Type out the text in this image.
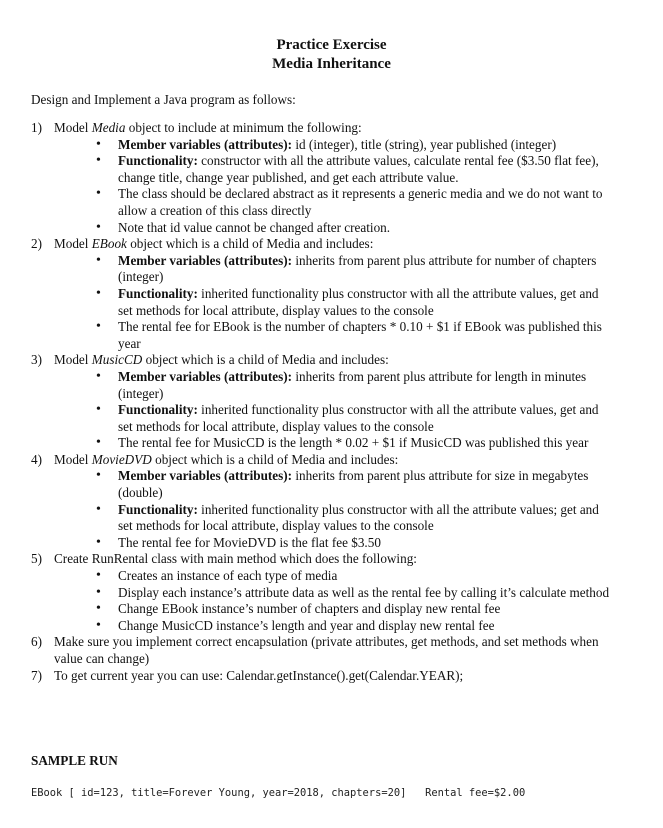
Practice Exercise
Media Inheritance
Design and Implement a Java program as follows:
1) Model Media object to include at minimum the following:
• Member variables (attributes): id (integer), title (string), year published (integer)
• Functionality: constructor with all the attribute values, calculate rental fee ($3.50 flat fee), change title, change year published, and get each attribute value.
• The class should be declared abstract as it represents a generic media and we do not want to allow a creation of this class directly
• Note that id value cannot be changed after creation.
2) Model EBook object which is a child of Media and includes:
• Member variables (attributes): inherits from parent plus attribute for number of chapters (integer)
• Functionality: inherited functionality plus constructor with all the attribute values, get and set methods for local attribute, display values to the console
• The rental fee for EBook is the number of chapters * 0.10 + $1 if EBook was published this year
3) Model MusicCD object which is a child of Media and includes:
• Member variables (attributes): inherits from parent plus attribute for length in minutes (integer)
• Functionality: inherited functionality plus constructor with all the attribute values, get and set methods for local attribute, display values to the console
• The rental fee for MusicCD is the length * 0.02 + $1 if MusicCD was published this year
4) Model MovieDVD object which is a child of Media and includes:
• Member variables (attributes): inherits from parent plus attribute for size in megabytes (double)
• Functionality: inherited functionality plus constructor with all the attribute values; get and set methods for local attribute, display values to the console
• The rental fee for MovieDVD is the flat fee $3.50
5) Create RunRental class with main method which does the following:
• Creates an instance of each type of media
• Display each instance’s attribute data as well as the rental fee by calling it’s calculate method
• Change EBook instance’s number of chapters and display new rental fee
• Change MusicCD instance’s length and year and display new rental fee
6) Make sure you implement correct encapsulation (private attributes, get methods, and set methods when value can change)
7) To get current year you can use: Calendar.getInstance().get(Calendar.YEAR);
SAMPLE RUN
EBook [ id=123, title=Forever Young, year=2018, chapters=20]   Rental fee=$2.00
